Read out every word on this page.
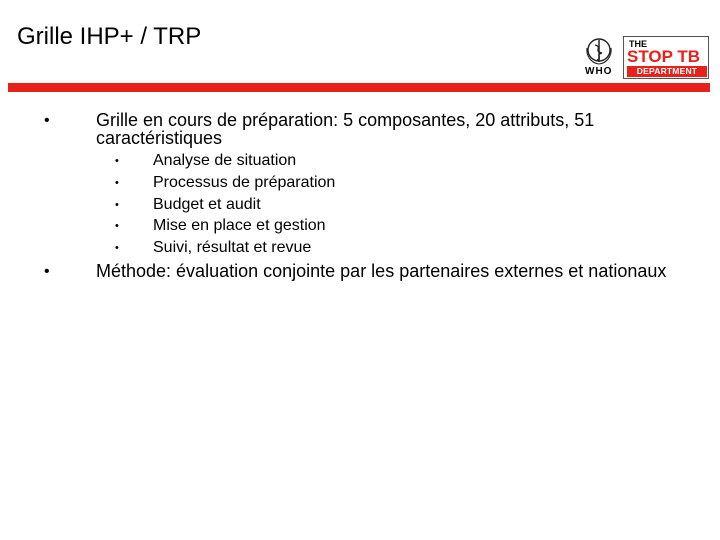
Grille IHP+ / TRP
WHO
THE
STOP TB
DEPARTMENT
•	Grille en cours de préparation: 5 composantes, 20 attributs, 51 caractéristiques
• Analyse de situation
• Processus de préparation
• Budget et audit
• Mise en place et gestion
• Suivi, résultat et revue
•	Méthode: évaluation conjointe par les partenaires externes et nationaux
